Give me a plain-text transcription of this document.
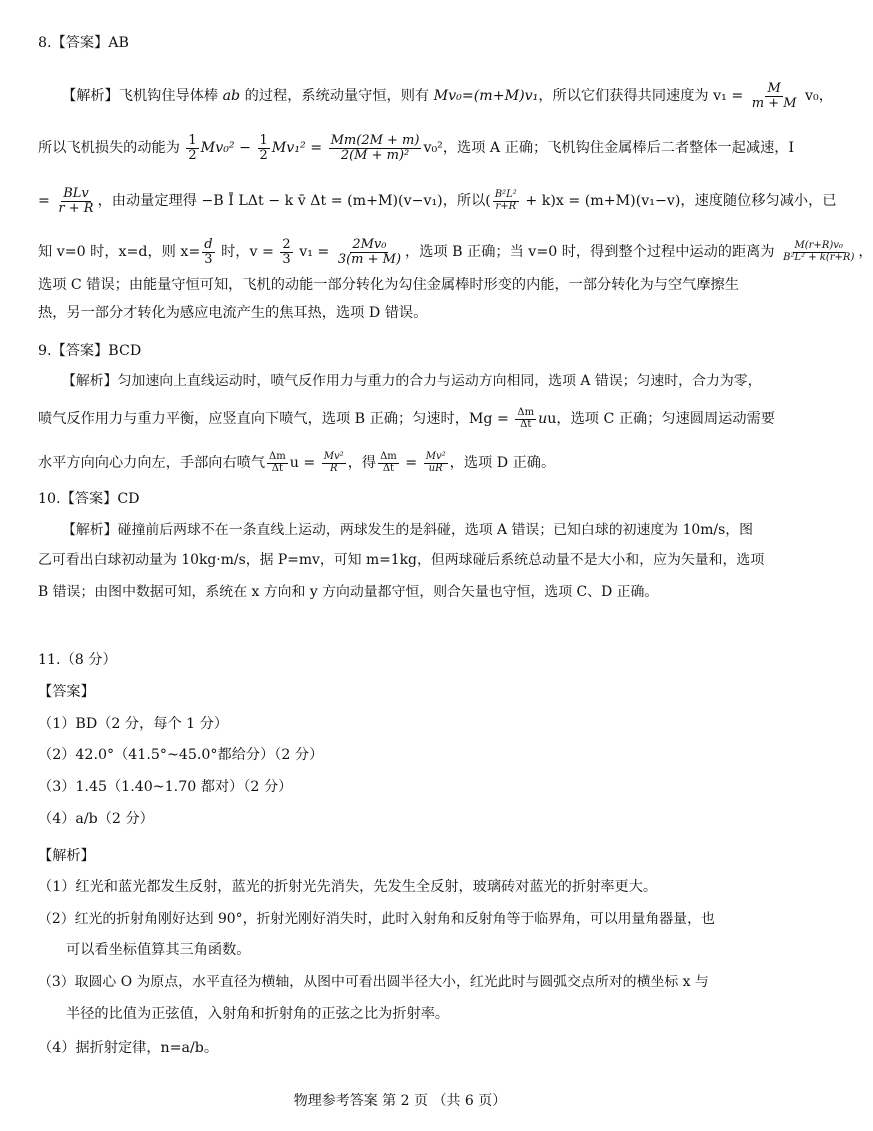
8.【答案】AB
【解析】飞机钩住导体棒 ab 的过程，系统动量守恒，则有 Mv₀=(m+M)v₁，所以它们获得共同速度为 $v_1 = \frac{M}{m + M} v_0$，
所以飞机损失的动能为 $\frac{1}{2} Mv_0^2 - \frac{1}{2} Mv_1^2 = \frac{Mm(2M + m)}{\text{2(M + m)²}} v_0^2$，选项 A 正确；飞机钩住金属棒后二者整体一起减速，I
= $\frac{\text{BLv}}{r + R}$ ，由动量定理得 −B Ī LΔt − k v̄ Δt = (m+M)(v−v₁)，所以( $\frac{\text{B²L²}}{r+R} + k)x = (m+M)(v_1-v)$，速度随位移匀减小，已
知 v=0 时，x=d，则 $x= \frac{d}{3}$ 时，$v = \frac{2}{3} v_1 = \frac{\text{2Mv₀}}{3(m + M)}$ ，选项 B 正确；当 v=0 时，得到整个过程中运动的距离为 $\frac{\text{M(r+R)v₀}}{\text{B²L² + k(r+R)}}$ ，
选项 C 错误；由能量守恒可知，飞机的动能一部分转化为勾住金属棒时形变的内能，一部分转化为与空气摩擦生
热，另一部分才转化为感应电流产生的焦耳热，选项 D 错误。
9.【答案】BCD
【解析】匀加速向上直线运动时，喷气反作用力与重力的合力与运动方向相同，选项 A 错误；匀速时，合力为零，
喷气反作用力与重力平衡，应竖直向下喷气，选项 B 正确；匀速时，$Mg = \frac{\Delta m}{\Delta t}$ uu，选项 C 正确；匀速圆周运动需要
水平方向向心力向左，手部向右喷气 $\frac{\Delta m}{\Delta t}$ $u = \frac{\text{Mv²}}{R}$ ，得 $\frac{\Delta m}{\Delta t} = \frac{\text{Mv²}}{uR}$ ，选项 D 正确。
10.【答案】CD
【解析】碰撞前后两球不在一条直线上运动，两球发生的是斜碰，选项 A 错误；已知白球的初速度为 10m/s，图
乙可看出白球初动量为 10kg·m/s，据 P=mv，可知 m=1kg，但两球碰后系统总动量不是大小和，应为矢量和，选项
B 错误；由图中数据可知，系统在 x 方向和 y 方向动量都守恒，则合矢量也守恒，选项 C、D 正确。
11.（8 分）
【答案】
（1）BD（2 分，每个 1 分）
（2）42.0°（41.5°~45.0°都给分）（2 分）
（3）1.45（1.40~1.70 都对）（2 分）
（4）a/b（2 分）
【解析】
（1）红光和蓝光都发生反射，蓝光的折射光先消失，先发生全反射，玻璃砖对蓝光的折射率更大。
（2）红光的折射角刚好达到 90°，折射光刚好消失时，此时入射角和反射角等于临界角，可以用量角器量，也
可以看坐标值算其三角函数。
（3）取圆心 O 为原点，水平直径为横轴，从图中可看出圆半径大小，红光此时与圆弧交点所对的横坐标 x 与
半径的比值为正弦值，入射角和折射角的正弦之比为折射率。
（4）据折射定律，n=a/b。
物理参考答案 第 2 页 （共 6 页）
